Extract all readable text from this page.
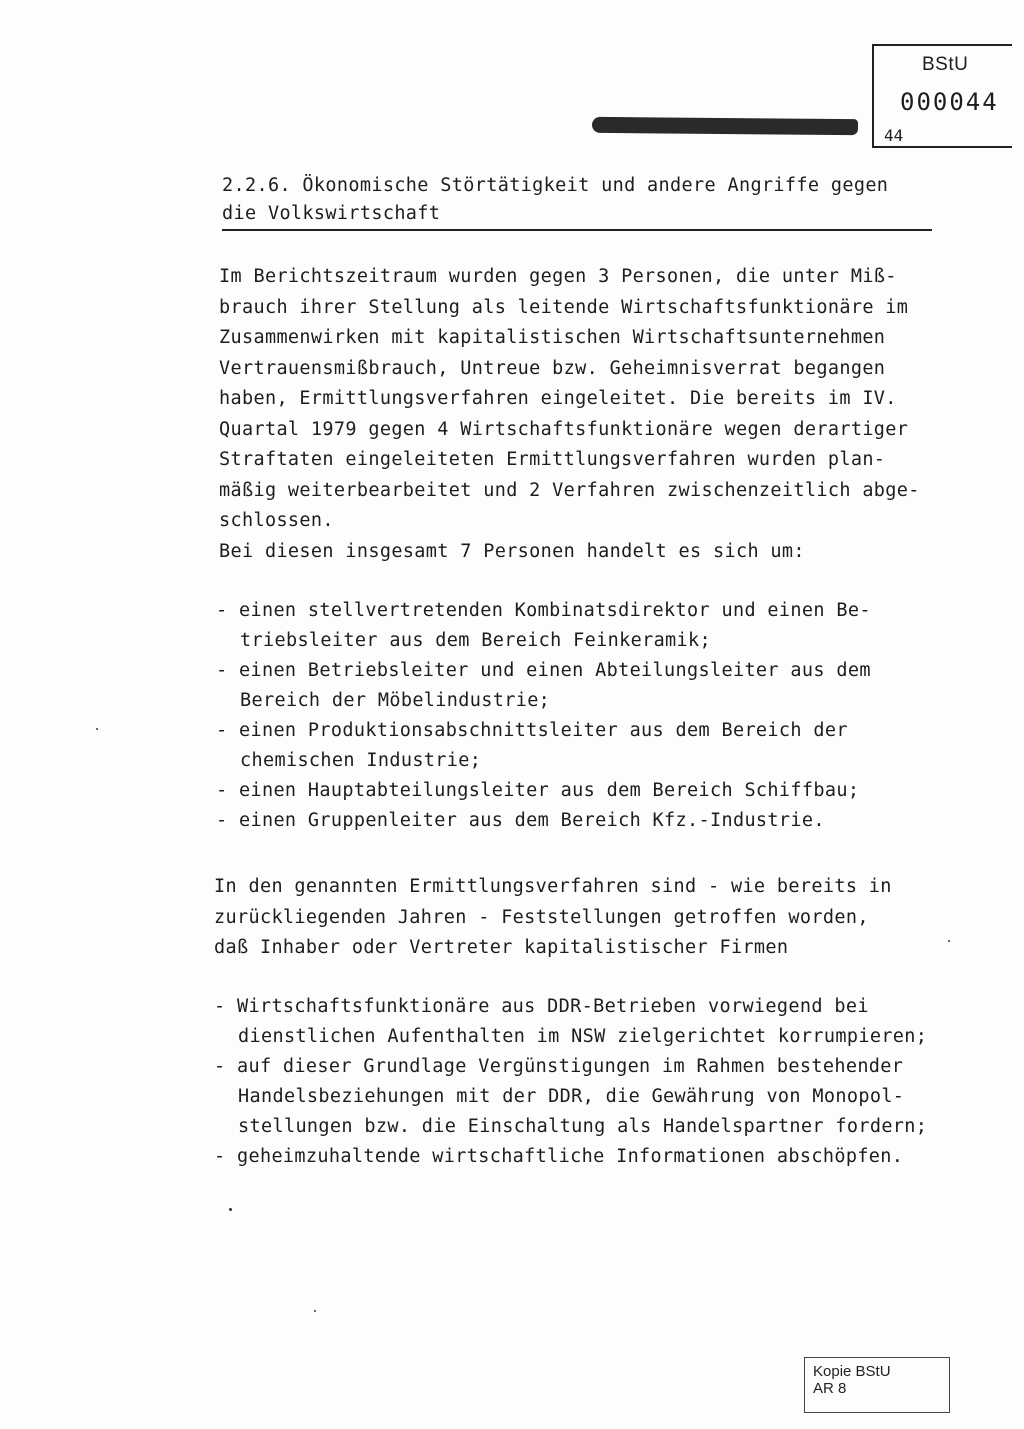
BStU
000044
44
2.2.6. Ökonomische Störtätigkeit und andere Angriffe gegen
die Volkswirtschaft

Im Berichtszeitraum wurden gegen 3 Personen, die unter Miß-
brauch ihrer Stellung als leitende Wirtschaftsfunktionäre im
Zusammenwirken mit kapitalistischen Wirtschaftsunternehmen
Vertrauensmißbrauch, Untreue bzw. Geheimnisverrat begangen
haben, Ermittlungsverfahren eingeleitet. Die bereits im IV.
Quartal 1979 gegen 4 Wirtschaftsfunktionäre wegen derartiger
Straftaten eingeleiteten Ermittlungsverfahren wurden plan-
mäßig weiterbearbeitet und 2 Verfahren zwischenzeitlich abge-
schlossen.
Bei diesen insgesamt 7 Personen handelt es sich um:

- einen stellvertretenden Kombinatsdirektor und einen Be-
triebsleiter aus dem Bereich Feinkeramik;
- einen Betriebsleiter und einen Abteilungsleiter aus dem
Bereich der Möbelindustrie;
- einen Produktionsabschnittsleiter aus dem Bereich der
chemischen Industrie;
- einen Hauptabteilungsleiter aus dem Bereich Schiffbau;
- einen Gruppenleiter aus dem Bereich Kfz.-Industrie.

In den genannten Ermittlungsverfahren sind - wie bereits in
zurückliegenden Jahren - Feststellungen getroffen worden,
daß Inhaber oder Vertreter kapitalistischer Firmen

- Wirtschaftsfunktionäre aus DDR-Betrieben vorwiegend bei
dienstlichen Aufenthalten im NSW zielgerichtet korrumpieren;
- auf dieser Grundlage Vergünstigungen im Rahmen bestehender
Handelsbeziehungen mit der DDR, die Gewährung von Monopol-
stellungen bzw. die Einschaltung als Handelspartner fordern;
- geheimzuhaltende wirtschaftliche Informationen abschöpfen.
Kopie BStU
AR 8
